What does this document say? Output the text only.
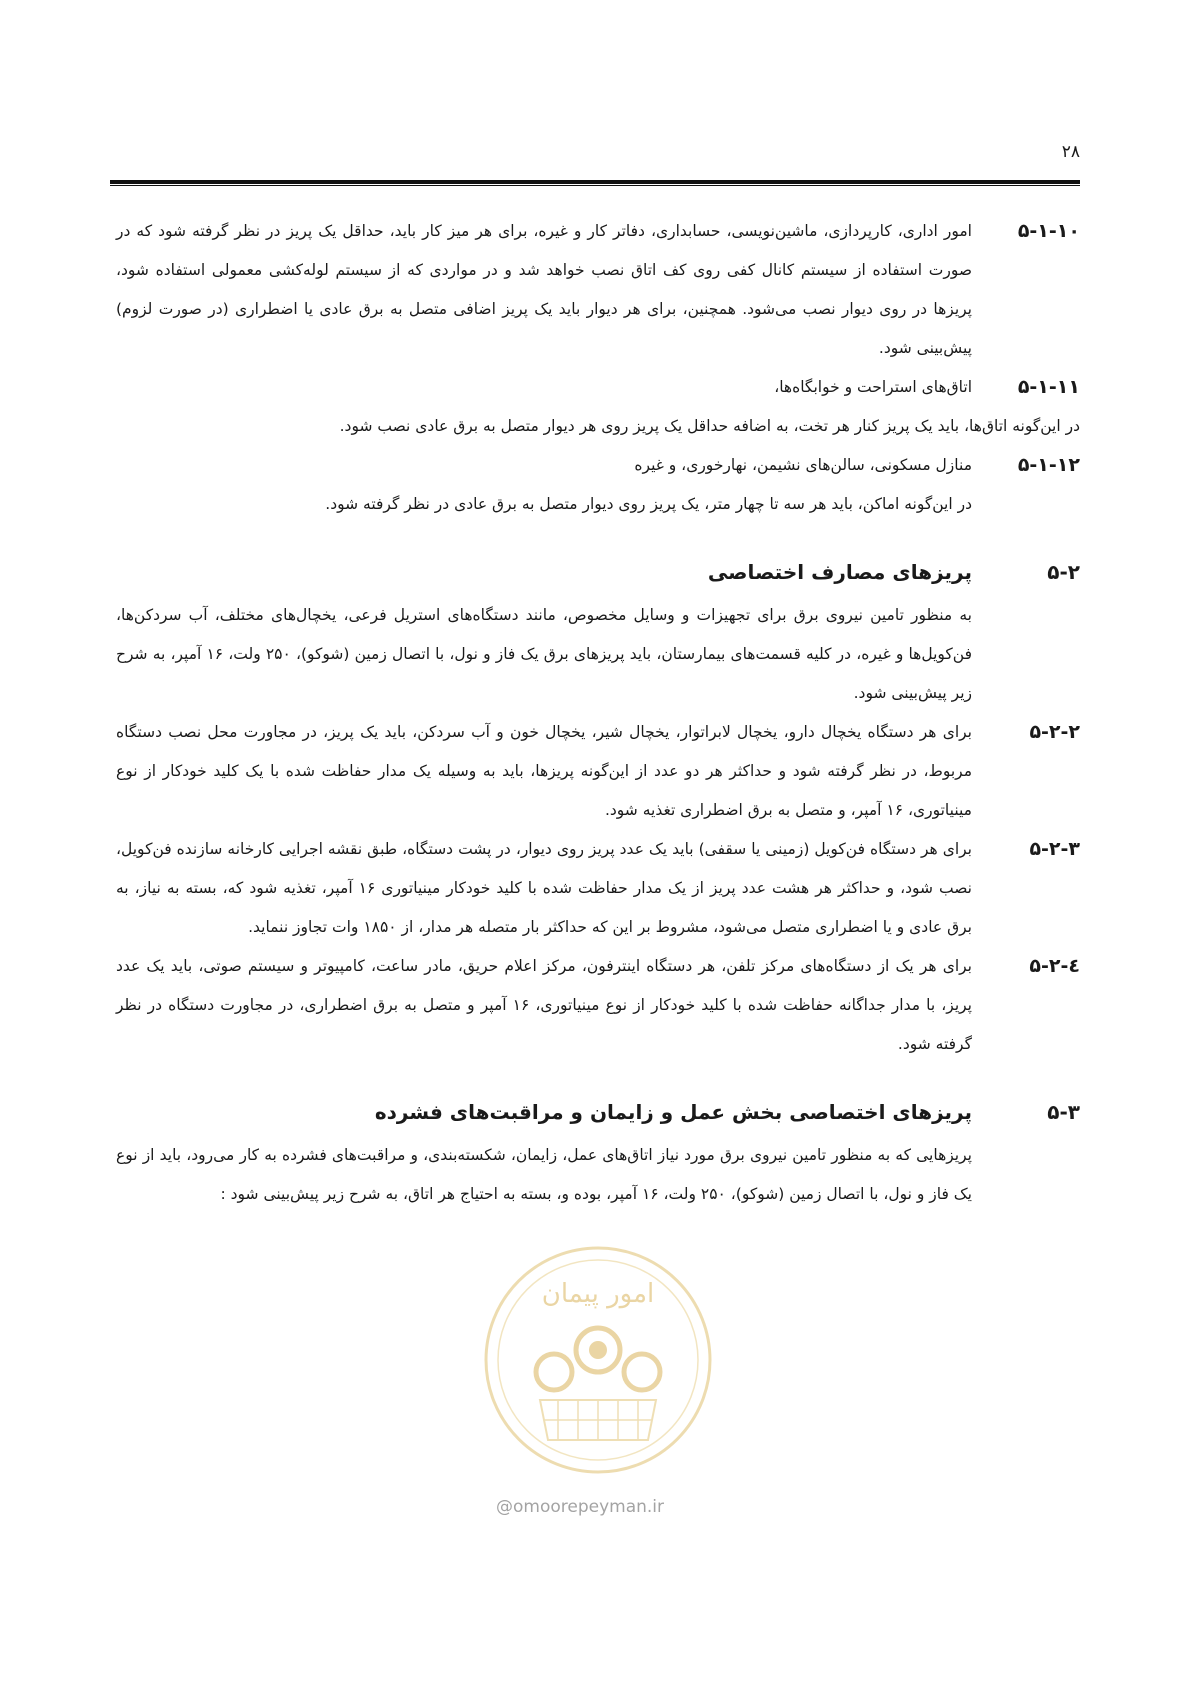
۲۸
۵-۱-۱۰

امور اداری، کارپردازی، ماشین‌نویسی، حسابداری، دفاتر کار و غیره، برای هر میز کار باید، حداقل یک پریز در نظر گرفته شود که در صورت استفاده از سیستم کانال کفی روی کف اتاق نصب خواهد شد و در مواردی که از سیستم لوله‌کشی معمولی استفاده شود، پریزها در روی دیوار نصب می‌شود. همچنین، برای هر دیوار باید یک پریز اضافی متصل به برق عادی یا اضطراری (در صورت لزوم) پیش‌بینی شود.

۵-۱-۱۱

اتاق‌های استراحت و خوابگاه‌ها،

در این‌گونه اتاق‌ها، باید یک پریز کنار هر تخت، به اضافه حداقل یک پریز روی هر دیوار متصل به برق عادی نصب شود.

۵-۱-۱۲

منازل مسکونی، سالن‌های نشیمن، نهارخوری، و غیره

در این‌گونه اماکن، باید هر سه تا چهار متر، یک پریز روی دیوار متصل به برق عادی در نظر گرفته شود.

۵-۲
پریزهای مصارف اختصاصی

به منظور تامین نیروی برق برای تجهیزات و وسایل مخصوص، مانند دستگاه‌های استریل فرعی، یخچال‌های مختلف، آب سردکن‌ها، فن‌کویل‌ها و غیره، در کلیه قسمت‌های بیمارستان، باید پریزهای برق یک فاز و نول، با اتصال زمین (شوکو)، ۲۵۰ ولت، ۱۶ آمپر، به شرح زیر پیش‌بینی شود.

۵-۲-۲

برای هر دستگاه یخچال دارو، یخچال لابراتوار، یخچال شیر، یخچال خون و آب سردکن، باید یک پریز، در مجاورت محل نصب دستگاه مربوط، در نظر گرفته شود و حداکثر هر دو عدد از این‌گونه پریزها، باید به وسیله یک مدار حفاظت شده با یک کلید خودکار از نوع مینیاتوری، ۱۶ آمپر، و متصل به برق اضطراری تغذیه شود.

۵-۲-۳

برای هر دستگاه فن‌کویل (زمینی یا سقفی) باید یک عدد پریز روی دیوار، در پشت دستگاه، طبق نقشه اجرایی کارخانه سازنده فن‌کویل، نصب شود، و حداکثر هر هشت عدد پریز از یک مدار حفاظت شده با کلید خودکار مینیاتوری ۱۶ آمپر، تغذیه شود که، بسته به نیاز، به برق عادی و یا اضطراری متصل می‌شود، مشروط بر این که حداکثر بار متصله هر مدار، از ۱۸۵۰ وات تجاوز ننماید.

۵-۲-٤

برای هر یک از دستگاه‌های مرکز تلفن، هر دستگاه اینترفون، مرکز اعلام حریق، مادر ساعت، کامپیوتر و سیستم صوتی، باید یک عدد پریز، با مدار جداگانه حفاظت شده با کلید خودکار از نوع مینیاتوری، ۱۶ آمپر و متصل به برق اضطراری، در مجاورت دستگاه در نظر گرفته شود.

۵-۳
پریزهای اختصاصی بخش عمل و زایمان و مراقبت‌های فشرده

پریزهایی که به منظور تامین نیروی برق مورد نیاز اتاق‌های عمل، زایمان، شکسته‌بندی، و مراقبت‌های فشرده به کار می‌رود، باید از نوع یک فاز و نول، با اتصال زمین (شوکو)، ۲۵۰ ولت، ۱۶ آمپر، بوده و، بسته به احتیاج هر اتاق، به شرح زیر پیش‌بینی شود :

امور پیمان
@omoorepeyman.ir
